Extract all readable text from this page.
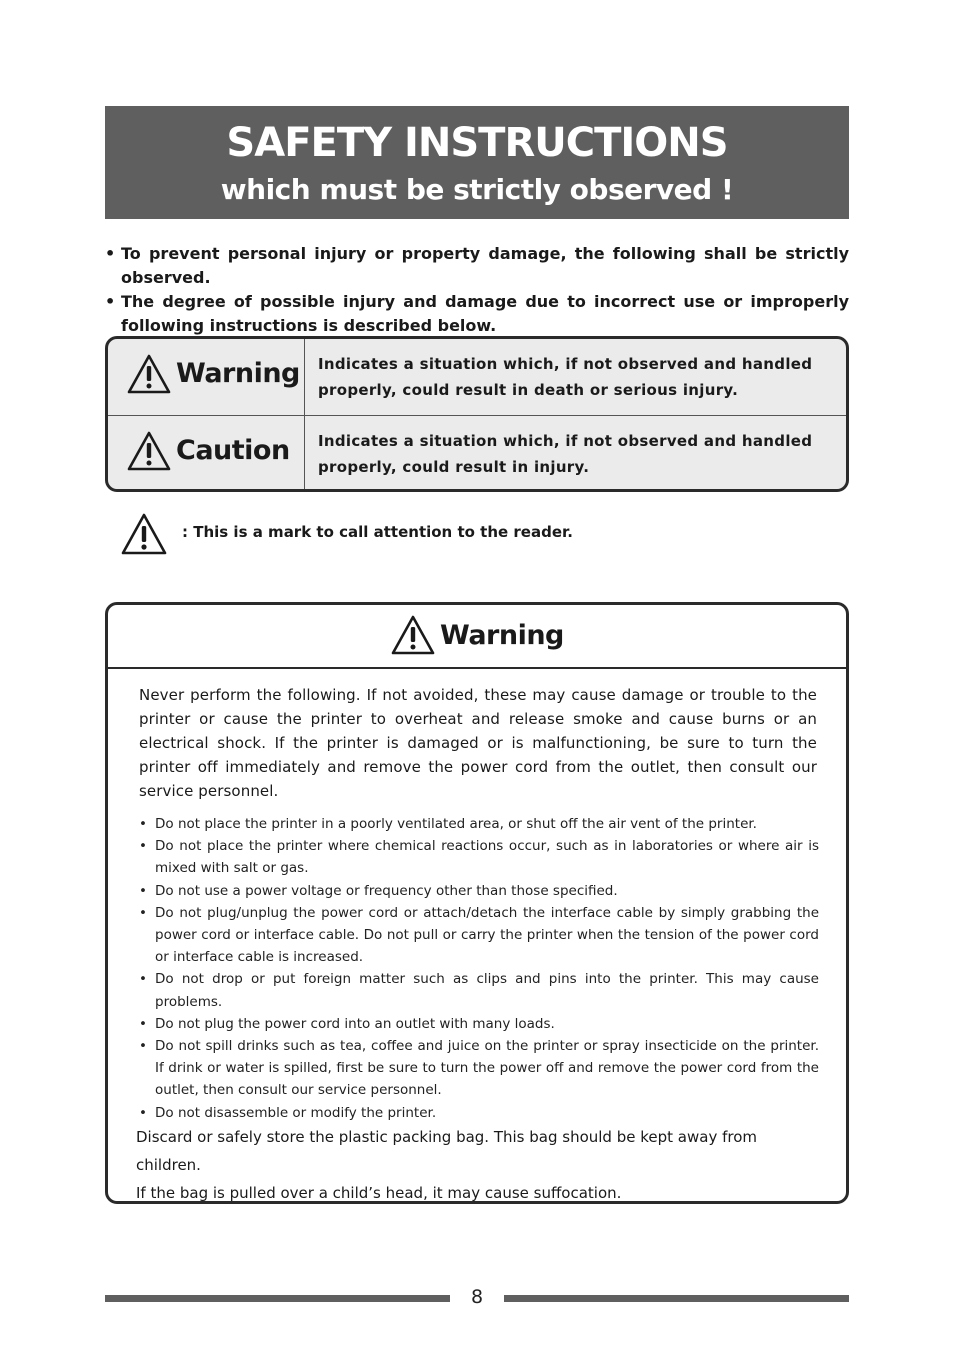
SAFETY INSTRUCTIONS
which must be strictly observed !
• To prevent personal injury or property damage, the following shall be strictly observed.
• The degree of possible injury and damage due to incorrect use or improperly following instructions is described below.
Warning Indicates a situation which, if not observed and handled properly, could result in death or serious injury.
Caution Indicates a situation which, if not observed and handled properly, could result in injury.
: This is a mark to call attention to the reader.
Warning
Never perform the following. If not avoided, these may cause damage or trouble to the printer or cause the printer to overheat and release smoke and cause burns or an electrical shock. If the printer is damaged or is malfunctioning, be sure to turn the printer off immediately and remove the power cord from the outlet, then consult our service personnel.
• Do not place the printer in a poorly ventilated area, or shut off the air vent of the printer.
• Do not place the printer where chemical reactions occur, such as in laboratories or where air is mixed with salt or gas.
• Do not use a power voltage or frequency other than those specified.
• Do not plug/unplug the power cord or attach/detach the interface cable by simply grabbing the power cord or interface cable. Do not pull or carry the printer when the tension of the power cord or interface cable is increased.
• Do not drop or put foreign matter such as clips and pins into the printer. This may cause problems.
• Do not plug the power cord into an outlet with many loads.
• Do not spill drinks such as tea, coffee and juice on the printer or spray insecticide on the printer. If drink or water is spilled, first be sure to turn the power off and remove the power cord from the outlet, then consult our service personnel.
• Do not disassemble or modify the printer.
Discard or safely store the plastic packing bag. This bag should be kept away from children.
If the bag is pulled over a child’s head, it may cause suffocation.
8
